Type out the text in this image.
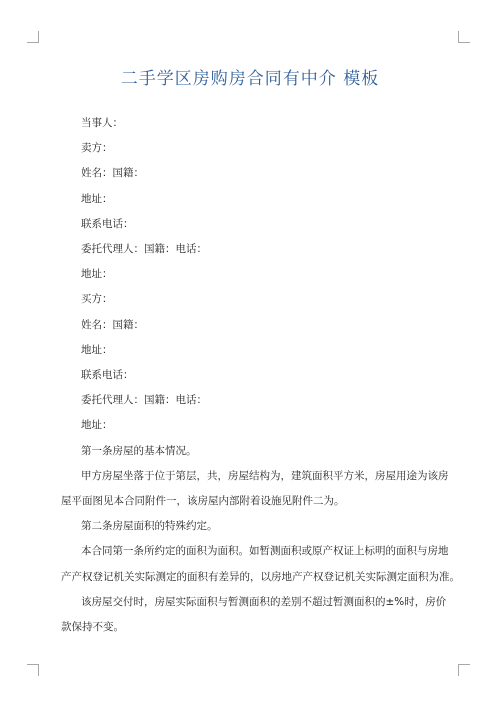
二手学区房购房合同有中介 模板
当事人：
卖方：
姓名：国籍：
地址：
联系电话：
委托代理人：国籍：电话：
地址：
买方：
姓名：国籍：
地址：
联系电话：
委托代理人：国籍：电话：
地址：
第一条房屋的基本情况。
甲方房屋坐落于位于第层，共，房屋结构为，建筑面积平方米，房屋用途为该房
屋平面图见本合同附件一，该房屋内部附着设施见附件二为。
第二条房屋面积的特殊约定。
本合同第一条所约定的面积为面积。如暂测面积或原产权证上标明的面积与房地
产产权登记机关实际测定的面积有差异的，以房地产产权登记机关实际测定面积为准。
该房屋交付时，房屋实际面积与暂测面积的差别不超过暂测面积的±%时，房价
款保持不变。
